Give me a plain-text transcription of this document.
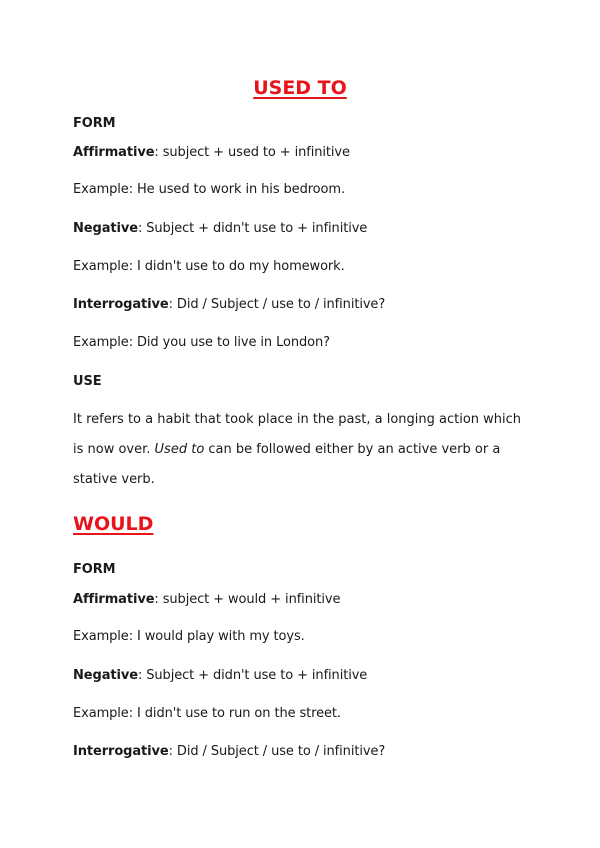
USED TO
FORM
Affirmative: subject + used to + infinitive
Example: He used to work in his bedroom.
Negative: Subject + didn't use to + infinitive
Example: I didn't use to do my homework.
Interrogative: Did / Subject / use to / infinitive?
Example: Did you use to live in London?
USE
It refers to a habit that took place in the past, a longing action which is now over. Used to can be followed either by an active verb or a stative verb.
WOULD
FORM
Affirmative: subject + would + infinitive
Example: I would play with my toys.
Negative: Subject + didn't use to + infinitive
Example: I didn't use to run on the street.
Interrogative: Did / Subject / use to / infinitive?
